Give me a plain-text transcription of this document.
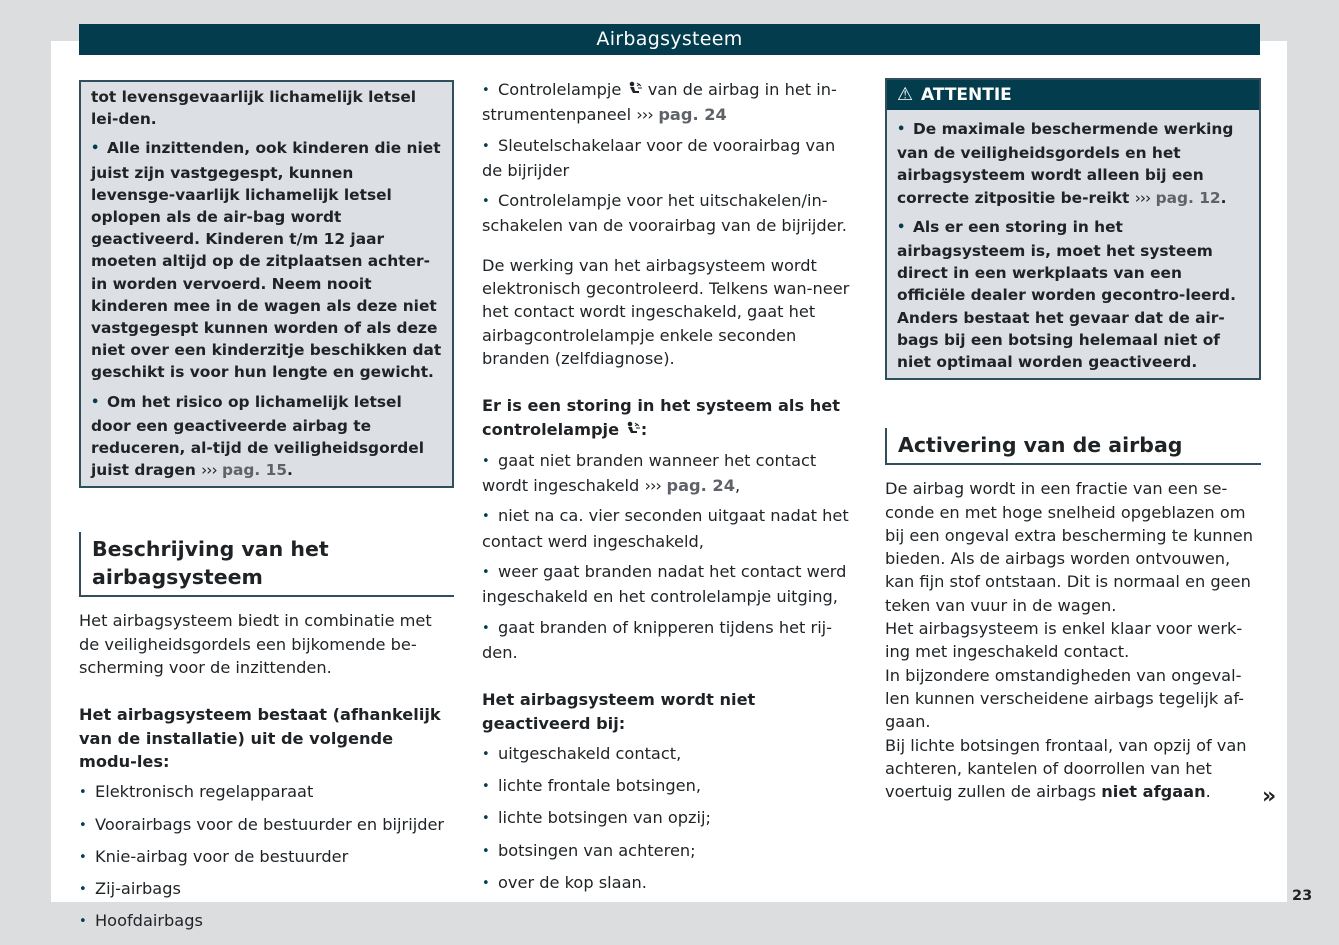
Airbagsysteem
tot levensgevaarlijk lichamelijk letsel lei-den.
• Alle inzittenden, ook kinderen die niet juist zijn vastgegespt, kunnen levensge-vaarlijk lichamelijk letsel oplopen als de air-bag wordt geactiveerd. Kinderen t/m 12 jaar moeten altijd op de zitplaatsen achter-in worden vervoerd. Neem nooit kinderen mee in de wagen als deze niet vastgegespt kunnen worden of als deze niet over een kinderzitje beschikken dat geschikt is voor hun lengte en gewicht.
• Om het risico op lichamelijk letsel door een geactiveerde airbag te reduceren, al-tijd de veiligheidsgordel juist dragen ››› pag. 15.
Beschrijving van het airbagsysteem

Het airbagsysteem biedt in combinatie met de veiligheidsgordels een bijkomende be-scherming voor de inzittenden.

Het airbagsysteem bestaat (afhankelijk van de installatie) uit de volgende modu-les:

• Elektronisch regelapparaat
• Voorairbags voor de bestuurder en bijrijder
• Knie-airbag voor de bestuurder
• Zij-airbags
• Hoofdairbags
• Controlelampje van de airbag in het in-strumentenpaneel ››› pag. 24
• Sleutelschakelaar voor de voorairbag van de bijrijder
• Controlelampje voor het uitschakelen/in-schakelen van de voorairbag van de bijrijder.

De werking van het airbagsysteem wordt elektronisch gecontroleerd. Telkens wan-neer het contact wordt ingeschakeld, gaat het airbagcontrolelampje enkele seconden branden (zelfdiagnose).

Er is een storing in het systeem als het controlelampje :

• gaat niet branden wanneer het contact wordt ingeschakeld ››› pag. 24,
• niet na ca. vier seconden uitgaat nadat het contact werd ingeschakeld,
• weer gaat branden nadat het contact werd ingeschakeld en het controlelampje uitging,
• gaat branden of knipperen tijdens het rij-den.

Het airbagsysteem wordt niet geactiveerd bij:

• uitgeschakeld contact,
• lichte frontale botsingen,
• lichte botsingen van opzij;
• botsingen van achteren;
• over de kop slaan.
⚠ ATTENTIE
• De maximale beschermende werking van de veiligheidsgordels en het airbagsysteem wordt alleen bij een correcte zitpositie be-reikt ››› pag. 12.
• Als er een storing in het airbagsysteem is, moet het systeem direct in een werkplaats van een officiële dealer worden gecontro-leerd. Anders bestaat het gevaar dat de air-bags bij een botsing helemaal niet of niet optimaal worden geactiveerd.
Activering van de airbag

De airbag wordt in een fractie van een se-conde en met hoge snelheid opgeblazen om bij een ongeval extra bescherming te kunnen bieden. Als de airbags worden ontvouwen, kan fijn stof ontstaan. Dit is normaal en geen teken van vuur in de wagen.

Het airbagsysteem is enkel klaar voor werk-ing met ingeschakeld contact.

In bijzondere omstandigheden van ongeval-len kunnen verscheidene airbags tegelijk af-gaan.

Bij lichte botsingen frontaal, van opzij of van achteren, kantelen of doorrollen van het voertuig zullen de airbags niet afgaan.	»
23
